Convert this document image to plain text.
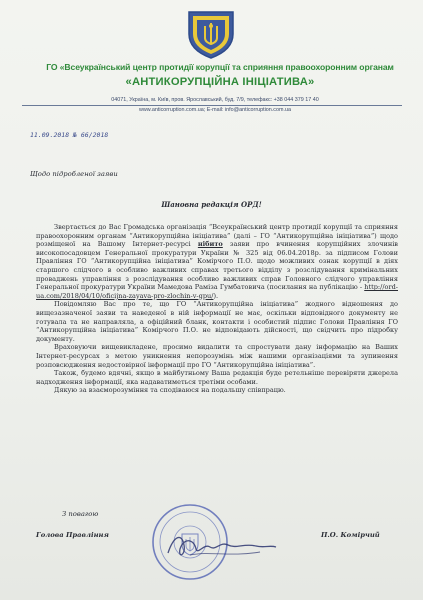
ГО «Всеукраїнський центр протидії корупції та сприяння правоохоронним органам
«АНТИКОРУПЦІЙНА ІНІЦІАТИВА»
04071, Україна, м. Київ, пров. Ярославський, буд. 7/9, телефакс: +38 044 379 17 40
www.anticorruption.com.ua; E-mail: info@anticorruption.com.ua
11.09.2018 № 66/2018
Щодо підробленої заяви
Шановна редакція ОРД!

Звертається до Вас Громадська організація “Всеукраїнський центр протидії корупції та сприяння правоохоронним органам “Антикорупційна ініціатива” (далі – ГО “Антикорупційна ініціатива”) щодо розміщеної на Вашому Інтернет-ресурсі нібито заяви про вчинення корупційних злочинів високопосадовцем Генеральної прокуратури України № 325 від 06.04.2018р. за підписом Голови Правління ГО “Антикорупційна ініціатива” Комірчого П.О. щодо можливих ознак корупції в діях старшого слідчого в особливо важливих справах третього відділу з розслідування кримінальних проваджень управління з розслідування особливо важливих справ Головного слідчого управління Генеральної прокуратури України Мамедова Раміза Гумбатовича (посилання на публікацію - http://ord-ua.com/2018/04/10/oficijna-zayava-pro-zlochin-v-gpu/).

Повідомляю Вас про те, що ГО “Антикорупційна ініціатива” жодного відношення до вищезазначеної заяви та наведеної в ній інформації не має, оскільки відповідного документу не готувала та не направляла, а офіційний бланк, контакти і особистий підпис Голови Правління ГО “Антикорупційна ініціатива” Комірчого П.О. не відповідають дійсності, що свідчить про підробку документу.

Враховуючи вищевикладене, просимо видалити та спростувати дану інформацію на Ваших Інтернет-ресурсах з метою уникнення непорозумінь між нашими організаціями та зупинення розповсюдження недостовірної інформації про ГО “Антикорупційна ініціатива”.

Також, будемо вдячні, якщо в майбутньому Ваша редакція буде ретельніше перевіряти джерела надходження інформації, яка надаватиметься третіми особами.

Дякую за взаєморозуміння та сподіваюся на подальшу співпрацю.

З повагою
Голова Правління	П.О. Комірчий
